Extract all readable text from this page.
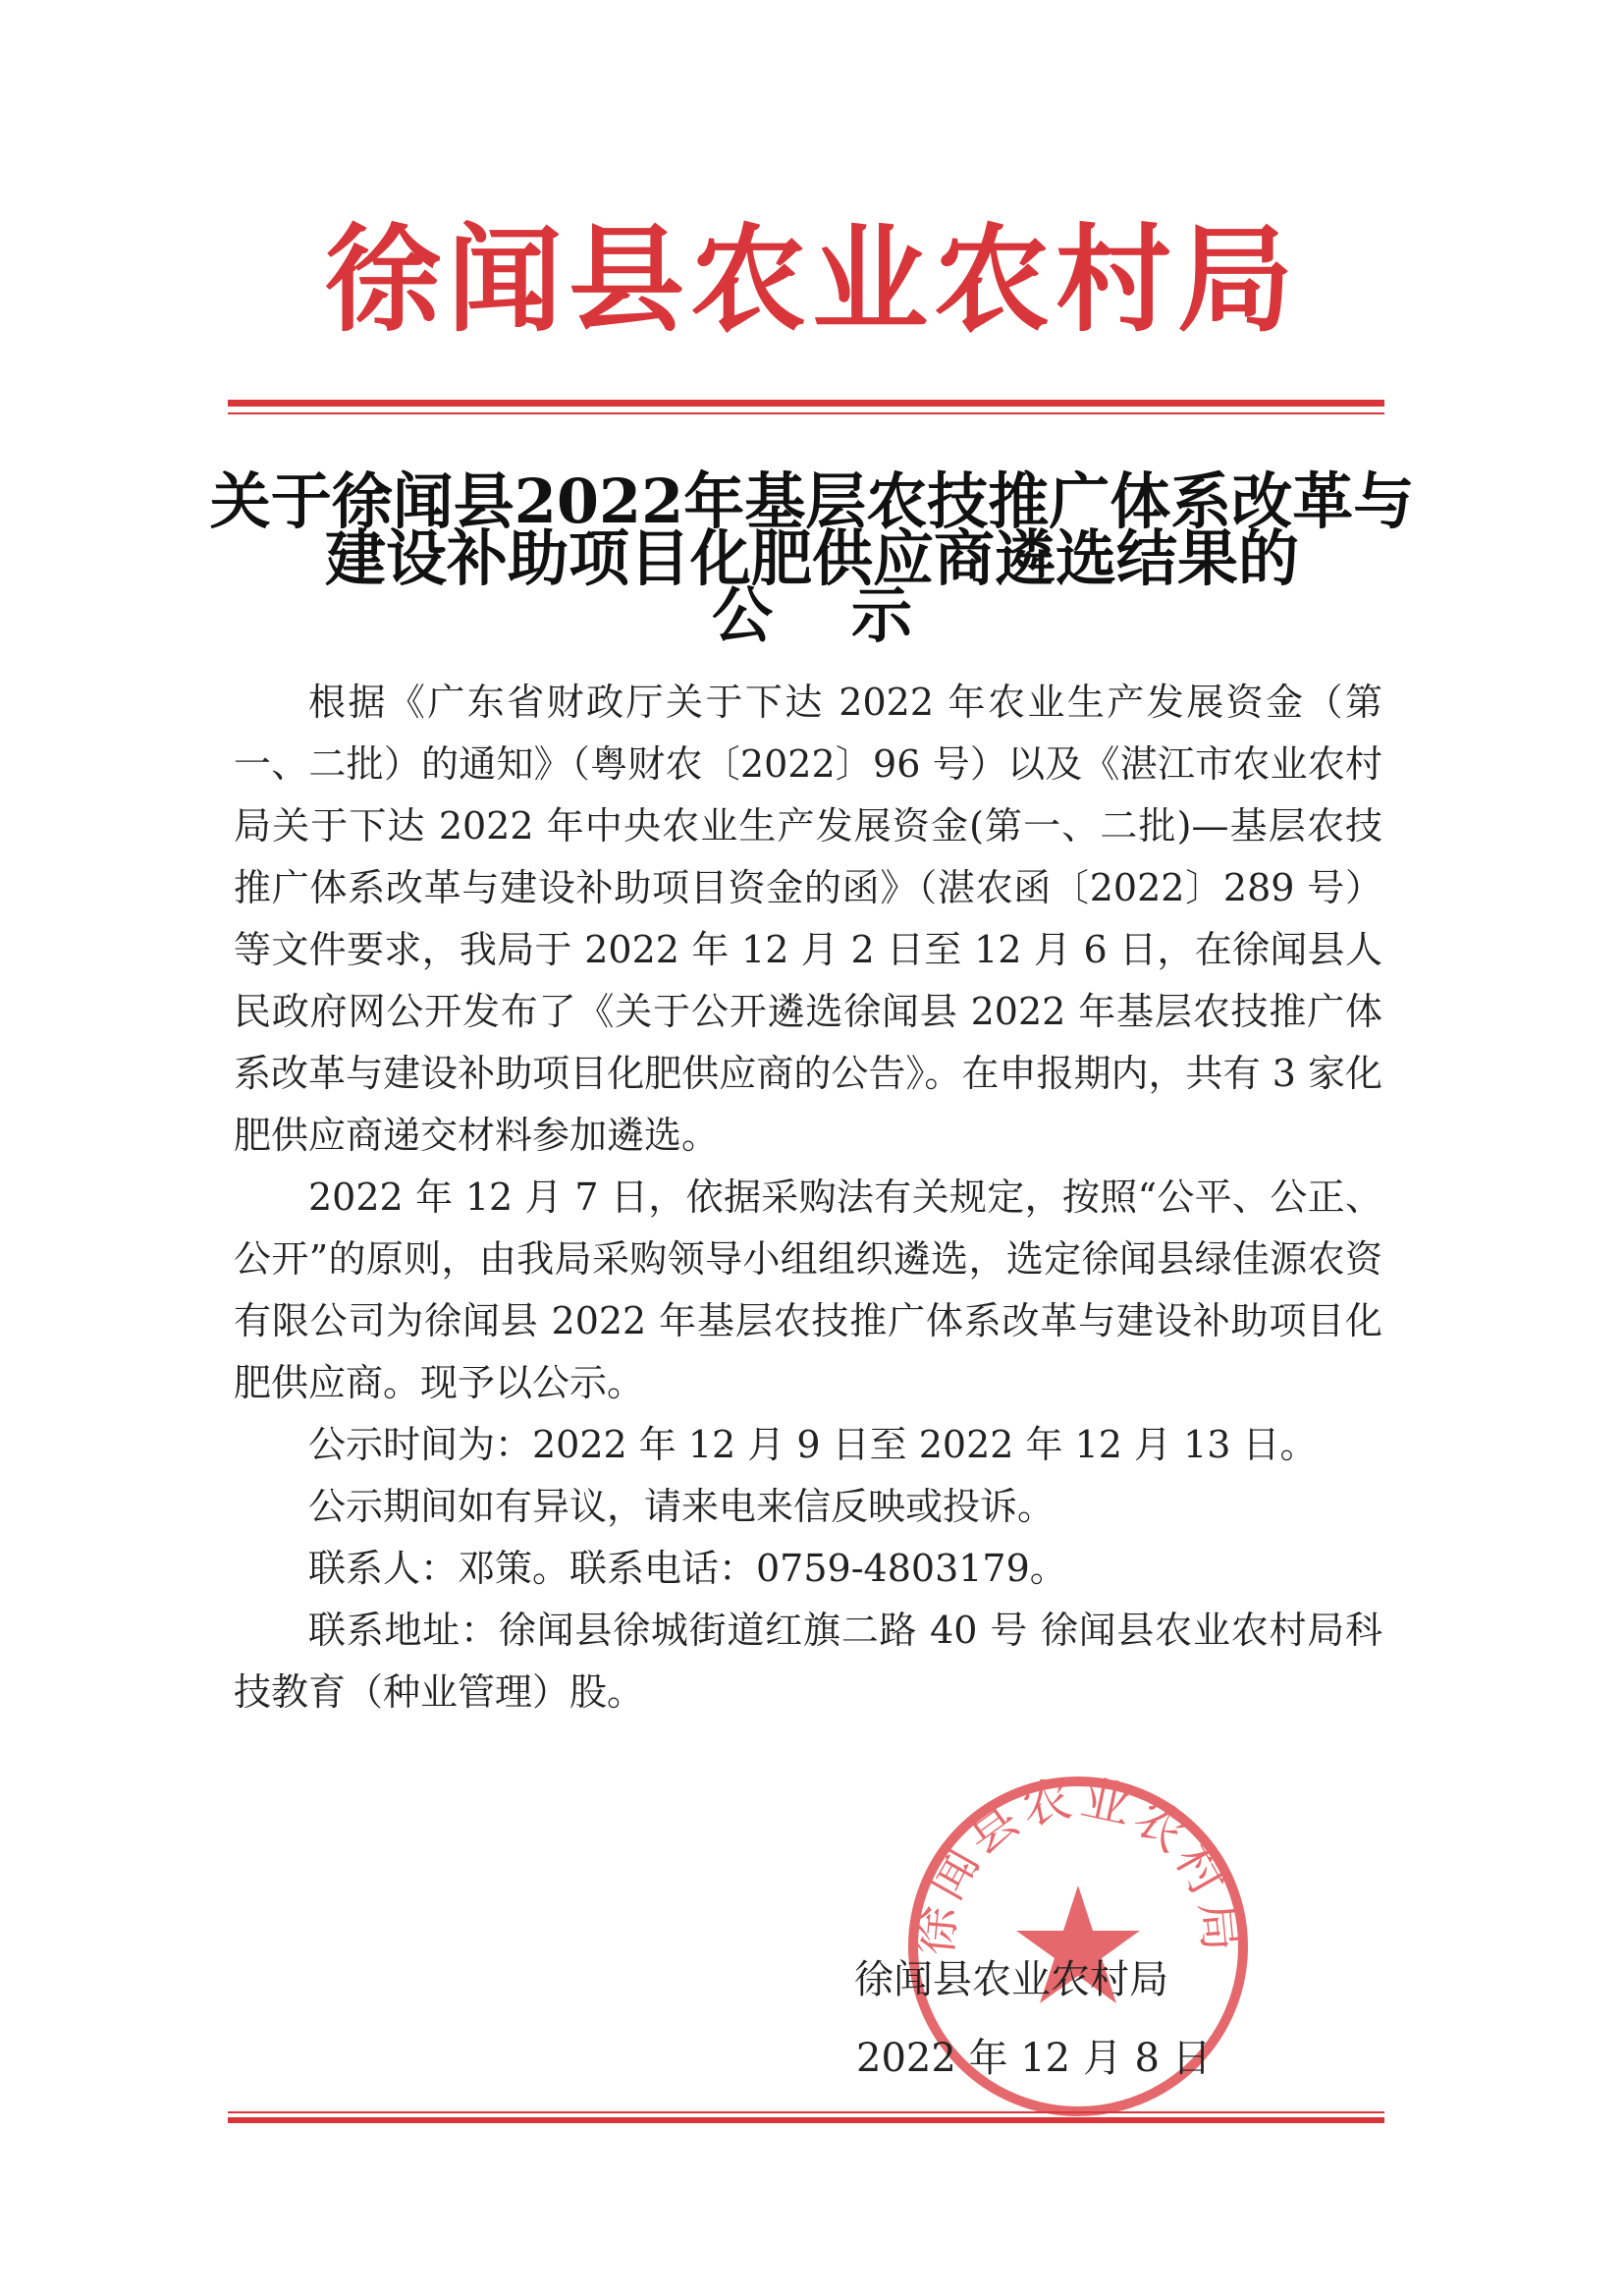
徐闻县农业农村局
关于徐闻县2022年基层农技推广体系改革与
建设补助项目化肥供应商遴选结果的
公示

根据《广东省财政厅关于下达 2022 年农业生产发展资金（第一、二批）的通知》（粤财农〔2022〕96 号）以及《湛江市农业农村局关于下达 2022 年中央农业生产发展资金(第一、二批)—基层农技推广体系改革与建设补助项目资金的函》（湛农函〔2022〕289 号）等文件要求，我局于 2022 年 12 月 2 日至 12 月 6 日，在徐闻县人民政府网公开发布了《关于公开遴选徐闻县 2022 年基层农技推广体系改革与建设补助项目化肥供应商的公告》。在申报期内，共有 3 家化肥供应商递交材料参加遴选。

2022 年 12 月 7 日，依据采购法有关规定，按照“公平、公正、公开”的原则，由我局采购领导小组组织遴选，选定徐闻县绿佳源农资有限公司为徐闻县 2022 年基层农技推广体系改革与建设补助项目化肥供应商。现予以公示。

公示时间为：2022 年 12 月 9 日至 2022 年 12 月 13 日。

公示期间如有异议，请来电来信反映或投诉。

联系人：邓策。联系电话：0759-4803179。

联系地址：徐闻县徐城街道红旗二路 40 号 徐闻县农业农村局科技教育（种业管理）股。

徐闻县农业农村局
徐闻县农业农村局
2022 年 12 月 8 日
